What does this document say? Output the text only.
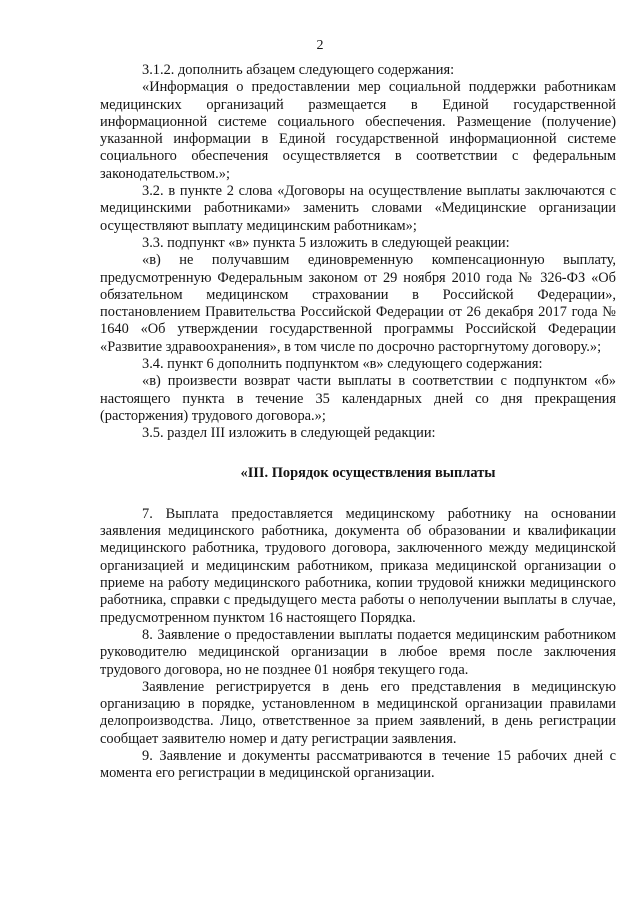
2

3.1.2. дополнить абзацем следующего содержания:

«Информация о предоставлении мер социальной поддержки работникам медицинских организаций размещается в Единой государственной информационной системе социального обеспечения. Размещение (получение) указанной информации в Единой государственной информационной системе социального обеспечения осуществляется в соответствии с федеральным законодательством.»;

3.2. в пункте 2 слова «Договоры на осуществление выплаты заключаются с медицинскими работниками» заменить словами «Медицинские организации осуществляют выплату медицинским работникам»;

3.3. подпункт «в» пункта 5 изложить в следующей реакции:

«в) не получавшим единовременную компенсационную выплату, предусмотренную Федеральным законом от 29 ноября 2010 года № 326-ФЗ «Об обязательном медицинском страховании в Российской Федерации», постановлением Правительства Российской Федерации от 26 декабря 2017 года № 1640 «Об утверждении государственной программы Российской Федерации «Развитие здравоохранения», в том числе по досрочно расторгнутому договору.»;

3.4. пункт 6 дополнить подпунктом «в» следующего содержания:

«в) произвести возврат части выплаты в соответствии с подпунктом «б» настоящего пункта в течение 35 календарных дней со дня прекращения (расторжения) трудового договора.»;

3.5. раздел III изложить в следующей редакции:

«III. Порядок осуществления выплаты

7. Выплата предоставляется медицинскому работнику на основании заявления медицинского работника, документа об образовании и квалификации медицинского работника, трудового договора, заключенного между медицинской организацией и медицинским работником, приказа медицинской организации о приеме на работу медицинского работника, копии трудовой книжки медицинского работника, справки с предыдущего места работы о неполучении выплаты в случае, предусмотренном пунктом 16 настоящего Порядка.

8. Заявление о предоставлении выплаты подается медицинским работником руководителю медицинской организации в любое время после заключения трудового договора, но не позднее 01 ноября текущего года.

Заявление регистрируется в день его представления в медицинскую организацию в порядке, установленном в медицинской организации правилами делопроизводства. Лицо, ответственное за прием заявлений, в день регистрации сообщает заявителю номер и дату регистрации заявления.

9. Заявление и документы рассматриваются в течение 15 рабочих дней с момента его регистрации в медицинской организации.
